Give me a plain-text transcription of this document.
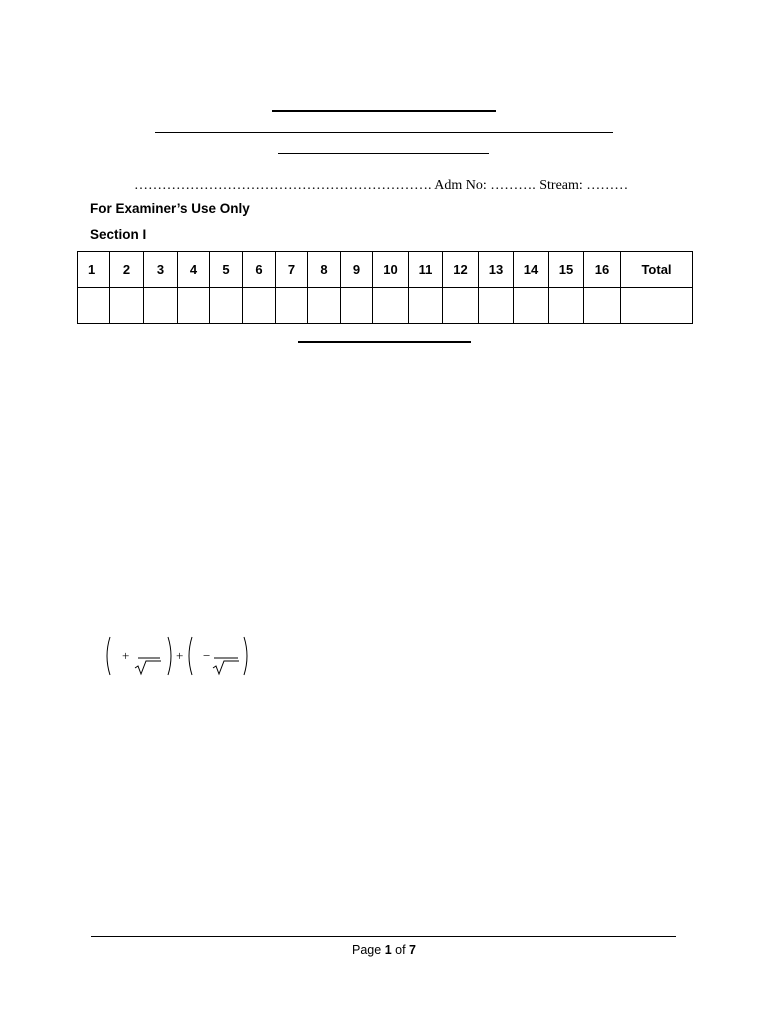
………………………………………………………. Adm No: ………. Stream: ………
For Examiner’s Use Only
Section I
1	2	3	4	5	6	7	8	9	10	11	12	13	14	15	16	Total

+	+ −
Page 1 of 7
